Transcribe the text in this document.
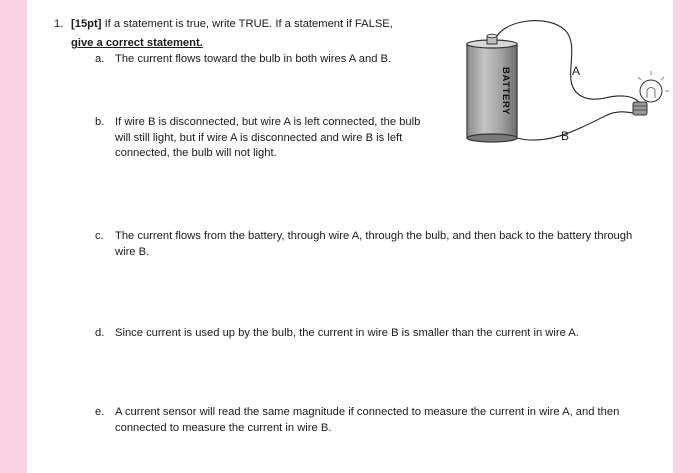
1. [15pt] If a statement is true, write TRUE. If a statement if FALSE,
give a correct statement.
a. The current flows toward the bulb in both wires A and B.
b. If wire B is disconnected, but wire A is left connected, the bulb will still light, but if wire A is disconnected and wire B is left connected, the bulb will not light.
c. The current flows from the battery, through wire A, through the bulb, and then back to the battery through wire B.
d. Since current is used up by the bulb, the current in wire B is smaller than the current in wire A.
e. A current sensor will read the same magnitude if connected to measure the current in wire A, and then connected to measure the current in wire B.
BATTERY	A
B
